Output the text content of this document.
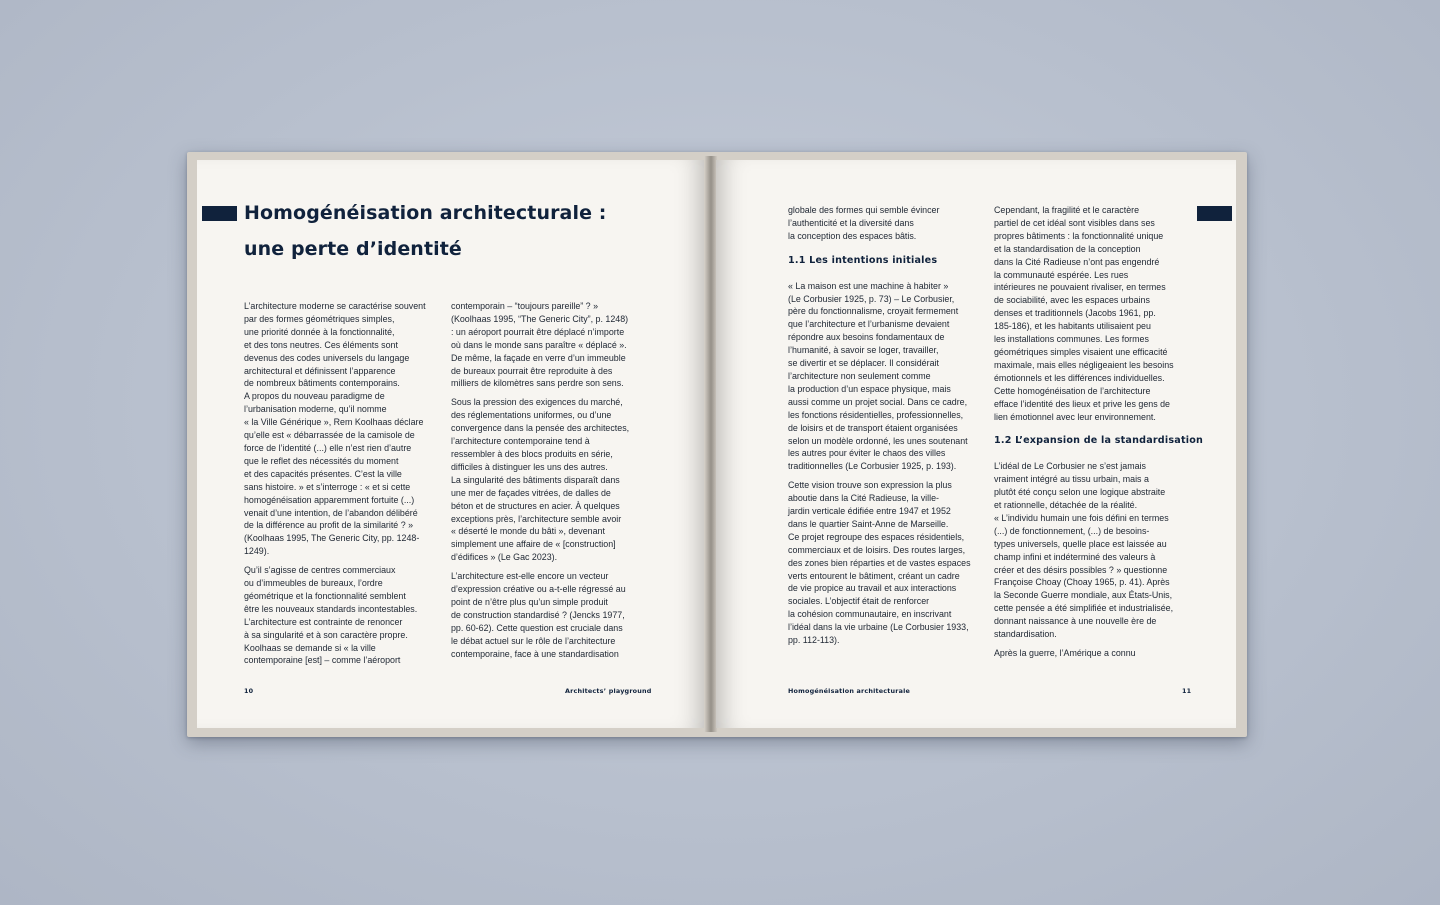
Homogénéisation architecturale :
une perte d’identité
L’architecture moderne se caractérise souvent
par des formes géométriques simples,
une priorité donnée à la fonctionnalité,
et des tons neutres. Ces éléments sont
devenus des codes universels du langage
architectural et définissent l’apparence
de nombreux bâtiments contemporains.
A propos du nouveau paradigme de
l’urbanisation moderne, qu’il nomme
« la Ville Générique », Rem Koolhaas déclare
qu’elle est « débarrassée de la camisole de
force de l’identité (...) elle n’est rien d’autre
que le reflet des nécessités du moment
et des capacités présentes. C’est la ville
sans histoire. » et s’interroge : « et si cette
homogénéisation apparemment fortuite (...)
venait d’une intention, de l’abandon délibéré
de la différence au profit de la similarité ? »
(Koolhaas 1995, The Generic City, pp. 1248-
1249).
Qu’il s’agisse de centres commerciaux
ou d’immeubles de bureaux, l’ordre
géométrique et la fonctionnalité semblent
être les nouveaux standards incontestables.
L’architecture est contrainte de renoncer
à sa singularité et à son caractère propre.
Koolhaas se demande si « la ville
contemporaine [est] – comme l’aéroport
contemporain – “toujours pareille” ? »
(Koolhaas 1995, “The Generic City”, p. 1248)
: un aéroport pourrait être déplacé n’importe
où dans le monde sans paraître « déplacé ».
De même, la façade en verre d’un immeuble
de bureaux pourrait être reproduite à des
milliers de kilomètres sans perdre son sens.
Sous la pression des exigences du marché,
des réglementations uniformes, ou d’une
convergence dans la pensée des architectes,
l’architecture contemporaine tend à
ressembler à des blocs produits en série,
difficiles à distinguer les uns des autres.
La singularité des bâtiments disparaît dans
une mer de façades vitrées, de dalles de
béton et de structures en acier. À quelques
exceptions près, l’architecture semble avoir
« déserté le monde du bâti », devenant
simplement une affaire de « [construction]
d’édifices » (Le Gac 2023).
L’architecture est-elle encore un vecteur
d’expression créative ou a-t-elle régressé au
point de n’être plus qu’un simple produit
de construction standardisé ? (Jencks 1977,
pp. 60-62). Cette question est cruciale dans
le débat actuel sur le rôle de l’architecture
contemporaine, face à une standardisation
10	Architects’ playground
globale des formes qui semble évincer
l’authenticité et la diversité dans
la conception des espaces bâtis.
1.1 Les intentions initiales
« La maison est une machine à habiter »
(Le Corbusier 1925, p. 73) – Le Corbusier,
père du fonctionnalisme, croyait fermement
que l’architecture et l’urbanisme devaient
répondre aux besoins fondamentaux de
l’humanité, à savoir se loger, travailler,
se divertir et se déplacer. Il considérait
l’architecture non seulement comme
la production d’un espace physique, mais
aussi comme un projet social. Dans ce cadre,
les fonctions résidentielles, professionnelles,
de loisirs et de transport étaient organisées
selon un modèle ordonné, les unes soutenant
les autres pour éviter le chaos des villes
traditionnelles (Le Corbusier 1925, p. 193).
Cette vision trouve son expression la plus
aboutie dans la Cité Radieuse, la ville-
jardin verticale édifiée entre 1947 et 1952
dans le quartier Saint-Anne de Marseille.
Ce projet regroupe des espaces résidentiels,
commerciaux et de loisirs. Des routes larges,
des zones bien réparties et de vastes espaces
verts entourent le bâtiment, créant un cadre
de vie propice au travail et aux interactions
sociales. L’objectif était de renforcer
la cohésion communautaire, en inscrivant
l’idéal dans la vie urbaine (Le Corbusier 1933,
pp. 112-113).
Cependant, la fragilité et le caractère
partiel de cet idéal sont visibles dans ses
propres bâtiments : la fonctionnalité unique
et la standardisation de la conception
dans la Cité Radieuse n’ont pas engendré
la communauté espérée. Les rues
intérieures ne pouvaient rivaliser, en termes
de sociabilité, avec les espaces urbains
denses et traditionnels (Jacobs 1961, pp.
185-186), et les habitants utilisaient peu
les installations communes. Les formes
géométriques simples visaient une efficacité
maximale, mais elles négligeaient les besoins
émotionnels et les différences individuelles.
Cette homogénéisation de l’architecture
efface l’identité des lieux et prive les gens de
lien émotionnel avec leur environnement.
1.2 L’expansion de la standardisation
L’idéal de Le Corbusier ne s’est jamais
vraiment intégré au tissu urbain, mais a
plutôt été conçu selon une logique abstraite
et rationnelle, détachée de la réalité.
« L’individu humain une fois défini en termes
(...) de fonctionnement, (...) de besoins-
types universels, quelle place est laissée au
champ infini et indéterminé des valeurs à
créer et des désirs possibles ? » questionne
Françoise Choay (Choay 1965, p. 41). Après
la Seconde Guerre mondiale, aux États-Unis,
cette pensée a été simplifiée et industrialisée,
donnant naissance à une nouvelle ère de
standardisation.
Après la guerre, l’Amérique a connu
Homogénéisation architecturale	11
